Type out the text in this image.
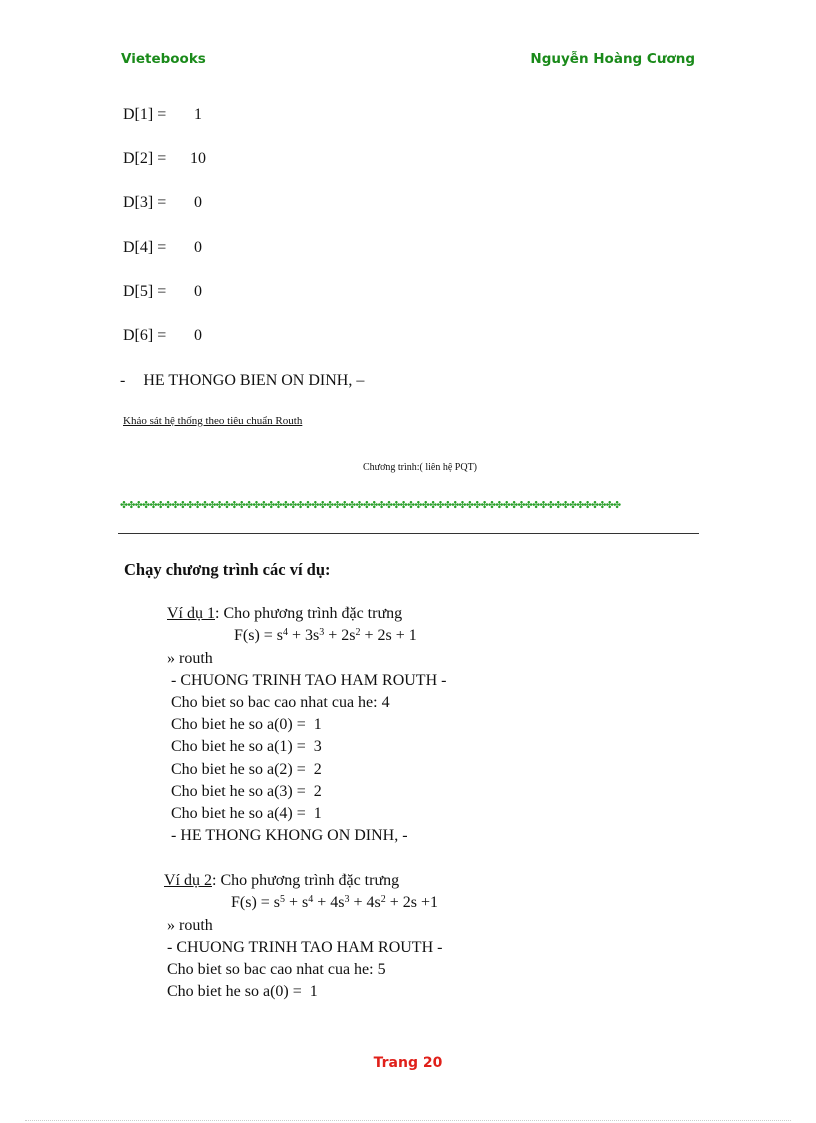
Vietebooks	Nguyễn Hoàng Cương
D[1] =	1
D[2] = 10
D[3] =	0
D[4] =	0
D[5] =	0
D[6] =	0
- HE THONGO BIEN ON DINH, –
Khảo sát hệ thống theo tiêu chuẩn Routh
Chương trình:( liên hệ PQT)
✤✤✤✤✤✤✤✤✤✤✤✤✤✤✤✤✤✤✤✤✤✤✤✤✤✤✤✤✤✤✤✤✤✤✤✤✤✤✤✤✤✤✤✤✤✤✤✤✤✤✤✤✤✤✤✤✤✤✤✤✤✤✤✤✤✤✤✤
Chạy chương trình các ví dụ:
Ví dụ 1: Cho phương trình đặc trưng
$F(s) = s^4 + 3s^3 + 2s^2 + 2s + 1$
» routh
- CHUONG TRINH TAO HAM ROUTH -
Cho biet so bac cao nhat cua he: 4
Cho biet he so a(0) =  1
Cho biet he so a(1) =  3
Cho biet he so a(2) =  2
Cho biet he so a(3) =  2
Cho biet he so a(4) =  1
- HE THONG KHONG ON DINH, -
Ví dụ 2: Cho phương trình đặc trưng
$F(s) = s^5 + s^4 + 4s^3 + 4s^2 + 2s +1$
» routh
- CHUONG TRINH TAO HAM ROUTH -
Cho biet so bac cao nhat cua he: 5
Cho biet he so a(0) =  1
Trang 20
